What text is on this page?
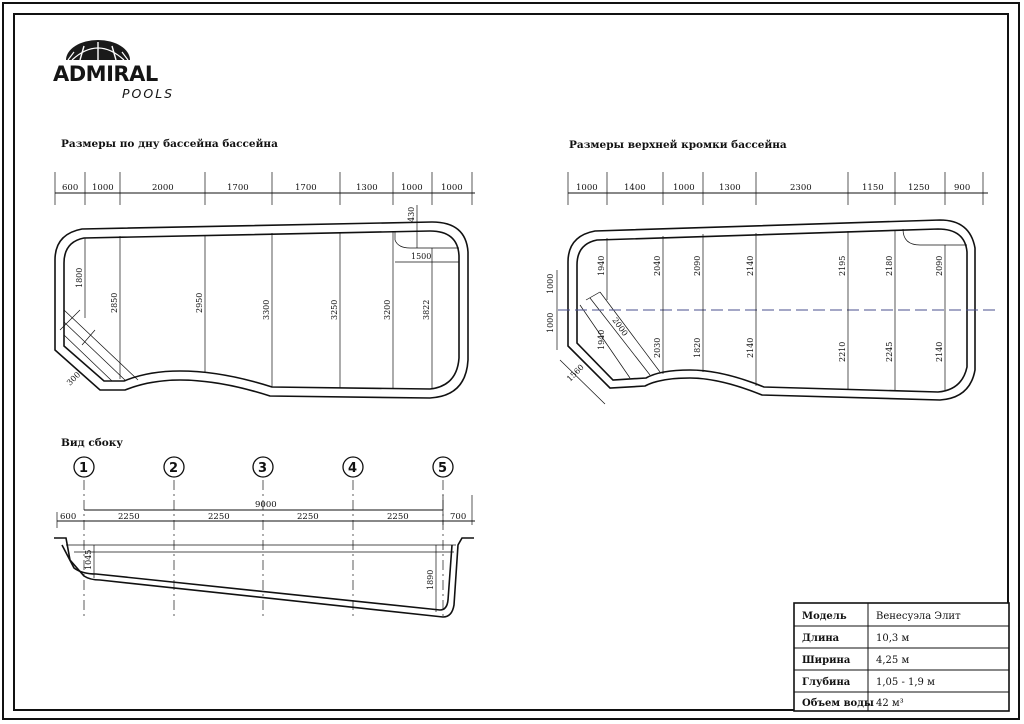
ADMIRAL
POOLS
Размеры по дну бассейна бассейна
600 1000	2000	1700	1700	1300	1000 1000
1800
2850	2950	3300	3250	3200	3822
430
1500
300
Размеры верхней кромки бассейна
1000	1400	1000	1300	2300	1150	1250	900
1940	2040	2090	2140	2195	2180	2090
1940	2030	1820	2140	2210	2245	2140
1000
1000	2000
1560
Вид сбоку
1	2	3	4	5
9000
600	2250	2250	2250	2250	700
1045
1890
Модель	Венесуэла Элит
Длина	10,3 м
Ширина	4,25 м
Глубина	1,05 - 1,9 м
Объем воды 42 м³
